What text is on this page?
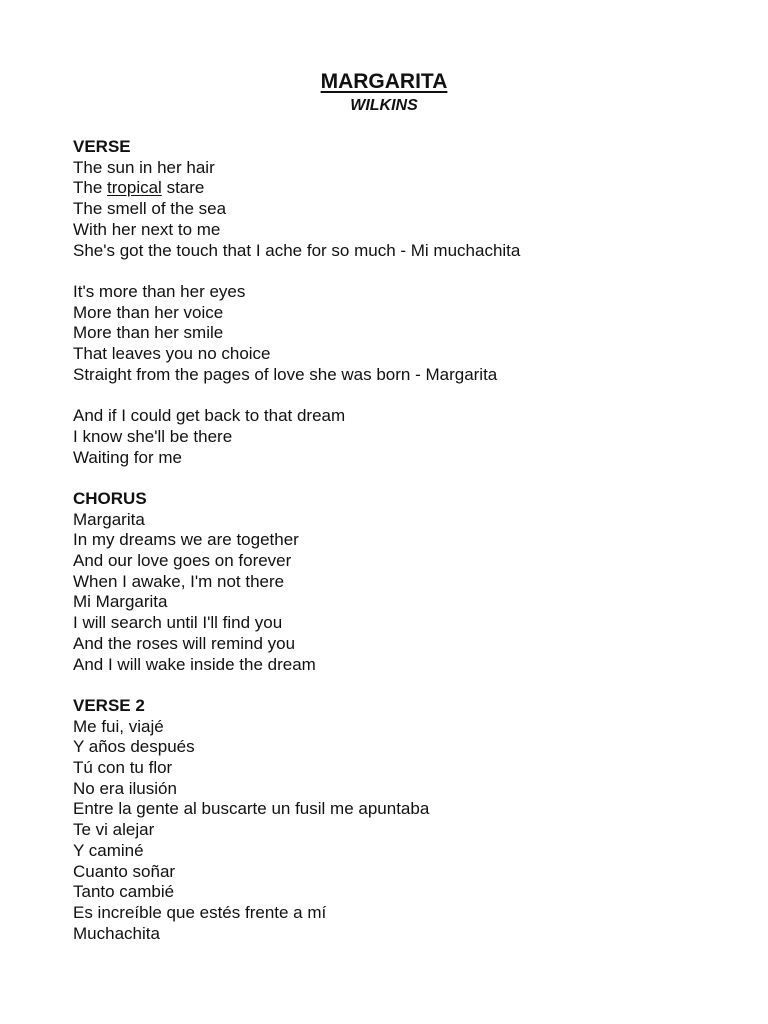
MARGARITA
WILKINS
VERSE
The sun in her hair
The tropical stare
The smell of the sea
With her next to me
She's got the touch that I ache for so much - Mi muchachita
It's more than her eyes
More than her voice
More than her smile
That leaves you no choice
Straight from the pages of love she was born - Margarita
And if I could get back to that dream
I know she'll be there
Waiting for me
CHORUS
Margarita
In my dreams we are together
And our love goes on forever
When I awake, I'm not there
Mi Margarita
I will search until I'll find you
And the roses will remind you
And I will wake inside the dream
VERSE 2
Me fui, viajé
Y años después
Tú con tu flor
No era ilusión
Entre la gente al buscarte un fusil me apuntaba
Te vi alejar
Y caminé
Cuanto soñar
Tanto cambié
Es increíble que estés frente a mí
Muchachita
